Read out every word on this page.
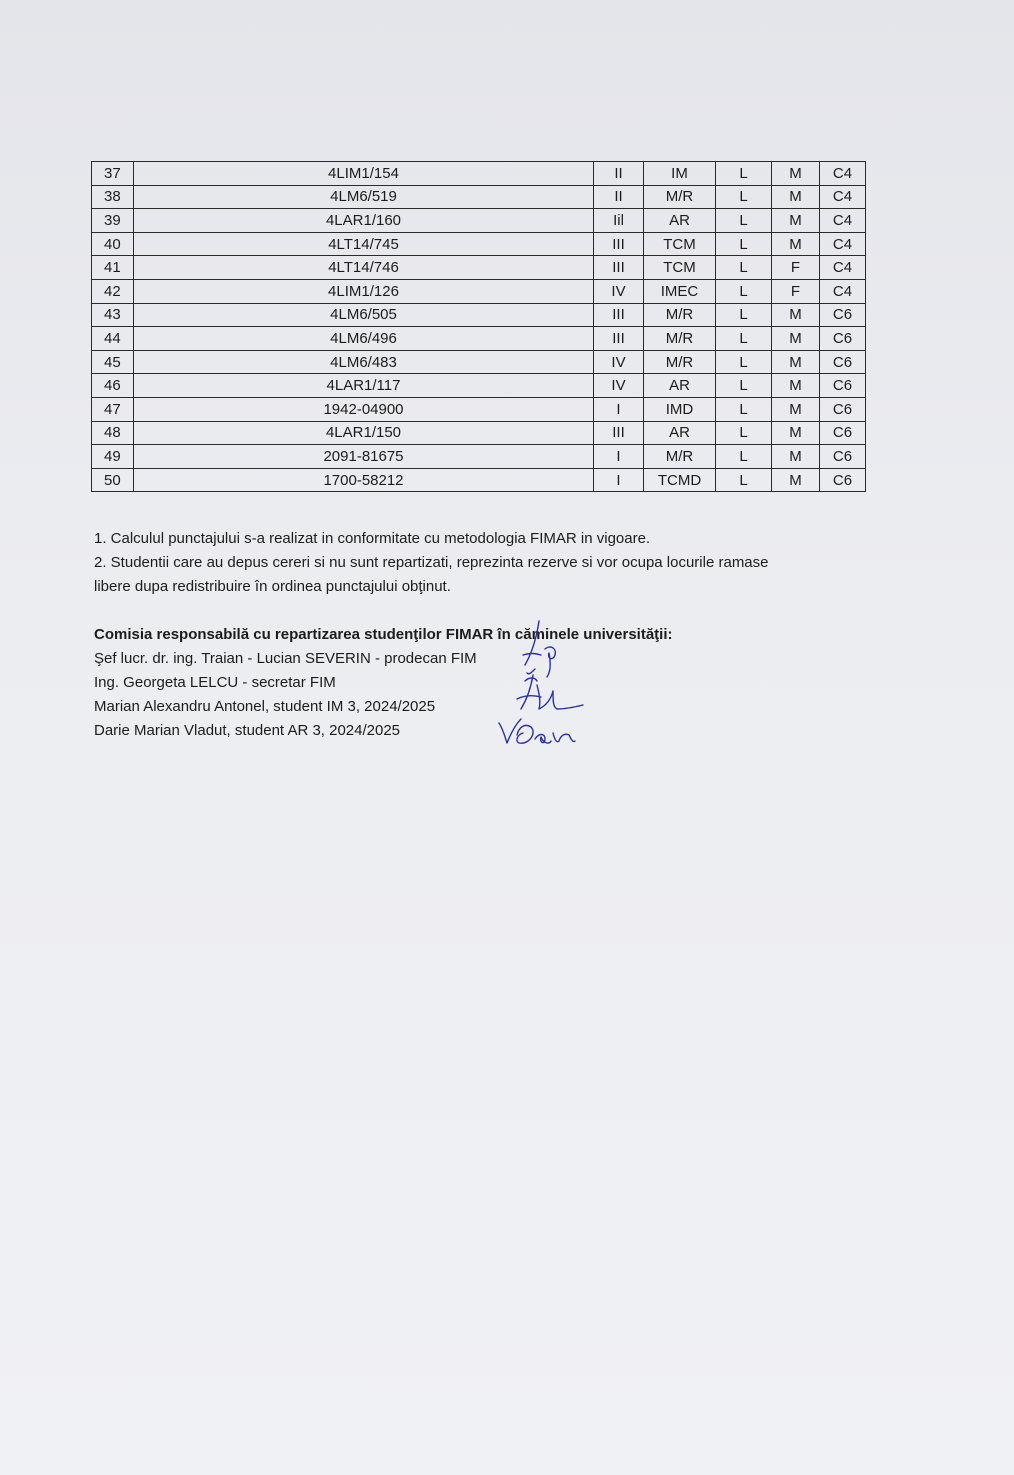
37	4LIM1/154	II	IM	L	M	C4
38	4LM6/519	II	M/R	L	M	C4
39	4LAR1/160	Iil	AR	L	M	C4
40	4LT14/745	III	TCM	L	M	C4
41	4LT14/746	III	TCM	L	F	C4
42	4LIM1/126	IV	IMEC	L	F	C4
43	4LM6/505	III	M/R	L	M	C6
44	4LM6/496	III	M/R	L	M	C6
45	4LM6/483	IV	M/R	L	M	C6
46	4LAR1/117	IV	AR	L	M	C6
47	1942-04900	I	IMD	L	M	C6
48	4LAR1/150	III	AR	L	M	C6
49	2091-81675	I	M/R	L	M	C6
50	1700-58212	I	TCMD	L	M	C6

1. Calculul punctajului s-a realizat in conformitate cu metodologia FIMAR in vigoare.

2. Studentii care au depus cereri si nu sunt repartizati, reprezinta rezerve si vor ocupa locurile ramase

libere dupa redistribuire în ordinea punctajului obţinut.

Comisia responsabilă cu repartizarea studenţilor FIMAR în căminele universităţii:

Şef lucr. dr. ing. Traian - Lucian SEVERIN - prodecan FIM

Ing. Georgeta LELCU - secretar FIM

Marian Alexandru Antonel, student IM 3, 2024/2025

Darie Marian Vladut, student AR 3, 2024/2025
